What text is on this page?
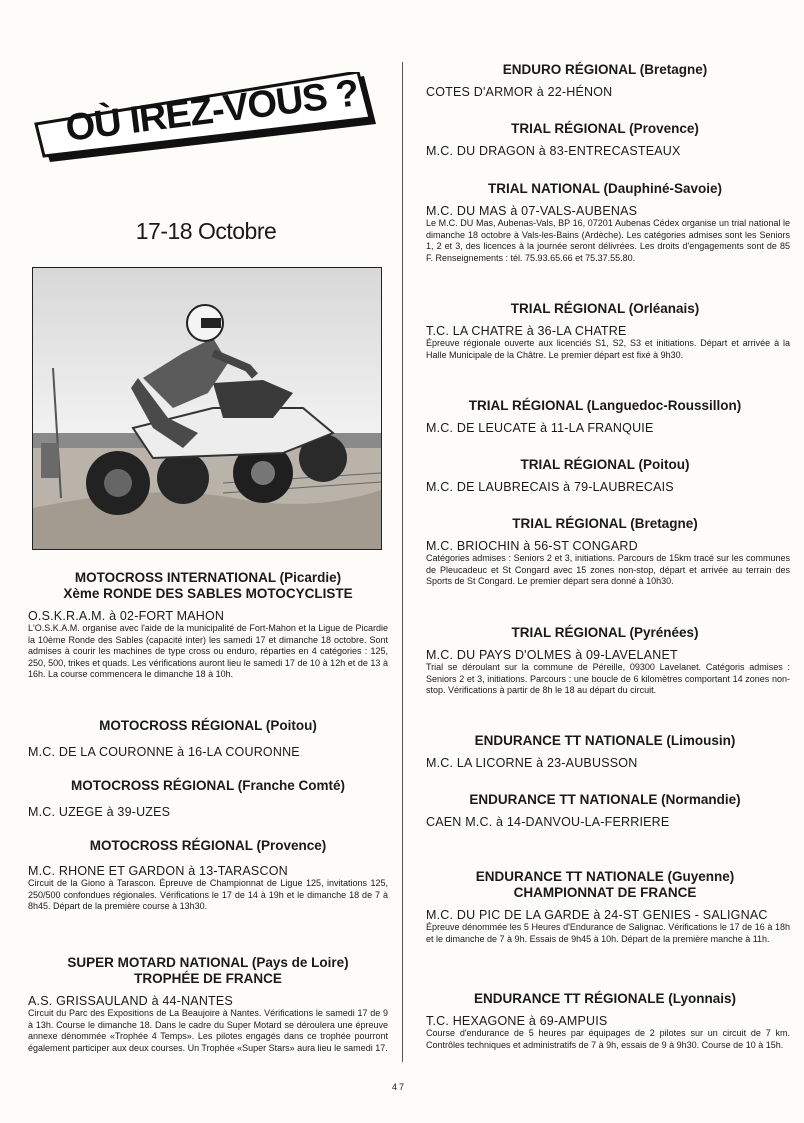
OÙ IREZ-VOUS ?
17-18 Octobre
MOTOCROSS INTERNATIONAL (Picardie)
Xème RONDE DES SABLES MOTOCYCLISTE
O.S.K.R.A.M. à 02-FORT MAHON
L'O.S.K.A.M. organise avec l'aide de la municipalité de Fort-Mahon et la Ligue de Picardie la 10ème Ronde des Sables (capacité inter) les samedi 17 et dimanche 18 octobre. Sont admises à courir les machines de type cross ou enduro, réparties en 4 catégories : 125, 250, 500, trikes et quads. Les vérifications auront lieu le samedi 17 de 10 à 12h et de 13 à 16h. La course commencera le dimanche 18 à 10h.
MOTOCROSS RÉGIONAL (Poitou)
M.C. DE LA COURONNE à 16-LA COURONNE
MOTOCROSS RÉGIONAL (Franche Comté)
M.C. UZEGE à 39-UZES
MOTOCROSS RÉGIONAL (Provence)
M.C. RHONE ET GARDON à 13-TARASCON
Circuit de la Giono à Tarascon. Épreuve de Championnat de Ligue 125, invitations 125, 250/500 confondues régionales. Vérifications le 17 de 14 à 19h et le dimanche 18 de 7 à 8h45. Départ de la première course à 13h30.
SUPER MOTARD NATIONAL (Pays de Loire)
TROPHÉE DE FRANCE
A.S. GRISSAULAND à 44-NANTES
Circuit du Parc des Expositions de La Beaujoire à Nantes. Vérifications le samedi 17 de 9 à 13h. Course le dimanche 18. Dans le cadre du Super Motard se déroulera une épreuve annexe dénommée «Trophée 4 Temps». Les pilotes engagés dans ce trophée pourront également participer aux deux courses. Un Trophée «Super Stars» aura lieu le samedi 17.
ENDURO RÉGIONAL (Bretagne)
COTES D'ARMOR à 22-HÉNON
TRIAL RÉGIONAL (Provence)
M.C. DU DRAGON à 83-ENTRECASTEAUX
TRIAL NATIONAL (Dauphiné-Savoie)
M.C. DU MAS à 07-VALS-AUBENAS
Le M.C. DU Mas, Aubenas-Vals, BP 16, 07201 Aubenas Cédex organise un trial national le dimanche 18 octobre à Vals-les-Bains (Ardèche). Les catégories admises sont les Seniors 1, 2 et 3, des licences à la journée seront délivrées. Les droits d'engagements sont de 85 F. Renseignements : tél. 75.93.65.66 et 75.37.55.80.
TRIAL RÉGIONAL (Orléanais)
T.C. LA CHATRE à 36-LA CHATRE
Épreuve régionale ouverte aux licenciés S1, S2, S3 et initiations. Départ et arrivée à la Halle Municipale de la Châtre. Le premier départ est fixé à 9h30.
TRIAL RÉGIONAL (Languedoc-Roussillon)
M.C. DE LEUCATE à 11-LA FRANQUIE
TRIAL RÉGIONAL (Poitou)
M.C. DE LAUBRECAIS à 79-LAUBRECAIS
TRIAL RÉGIONAL (Bretagne)
M.C. BRIOCHIN à 56-ST CONGARD
Catégories admises : Seniors 2 et 3, initiations. Parcours de 15km tracé sur les communes de Pleucadeuc et St Congard avec 15 zones non-stop, départ et arrivée au terrain des Sports de St Congard. Le premier départ sera donné à 10h30.
TRIAL RÉGIONAL (Pyrénées)
M.C. DU PAYS D'OLMES à 09-LAVELANET
Trial se déroulant sur la commune de Péreille, 09300 Lavelanet. Catégoris admises : Seniors 2 et 3, initiations. Parcours : une boucle de 6 kilomètres comportant 14 zones non-stop. Vérifications à partir de 8h le 18 au départ du circuit.
ENDURANCE TT NATIONALE (Limousin)
M.C. LA LICORNE à 23-AUBUSSON
ENDURANCE TT NATIONALE (Normandie)
CAEN M.C. à 14-DANVOU-LA-FERRIERE
ENDURANCE TT NATIONALE (Guyenne)
CHAMPIONNAT DE FRANCE
M.C. DU PIC DE LA GARDE à 24-ST GENIES - SALIGNAC
Épreuve dénommée les 5 Heures d'Endurance de Salignac. Vérifications le 17 de 16 à 18h et le dimanche de 7 à 9h. Essais de 9h45 à 10h. Départ de la première manche à 11h.
ENDURANCE TT RÉGIONALE (Lyonnais)
T.C. HEXAGONE à 69-AMPUIS
Course d'endurance de 5 heures par équipages de 2 pilotes sur un circuit de 7 km. Contrôles techniques et administratifs de 7 à 9h, essais de 9 à 9h30. Course de 10 à 15h.
47
